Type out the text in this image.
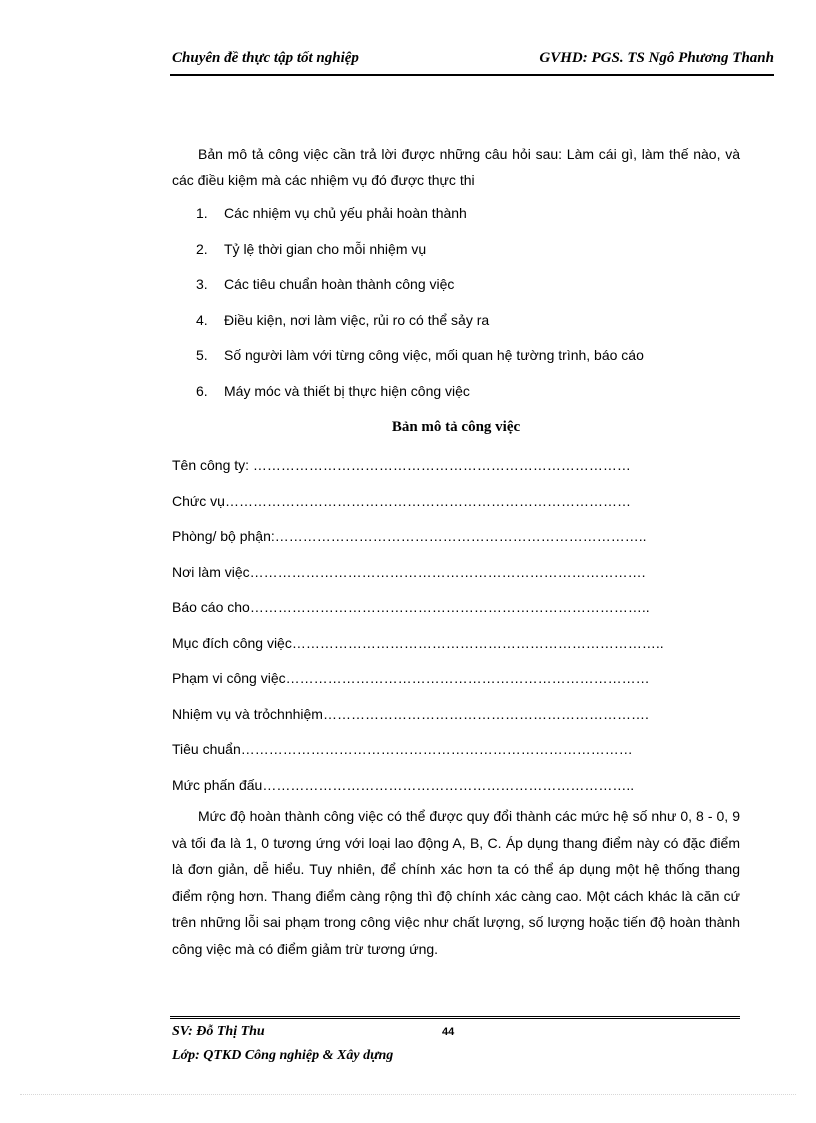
Chuyên đề thực tập tốt nghiệp	GVHD: PGS. TS Ngô Phương Thanh

Bản mô tả công việc cần trả lời được những câu hỏi sau: Làm cái gì, làm thế nào, và các điều kiệm mà các nhiệm vụ đó được thực thi

1. Các nhiệm vụ chủ yếu phải hoàn thành
2. Tỷ lệ thời gian cho mỗi nhiệm vụ
3. Các tiêu chuẩn hoàn thành công việc
4. Điều kiện, nơi làm việc, rủi ro có thể sảy ra
5. Số người làm với từng công việc, mối quan hệ tường trình, báo cáo
6. Máy móc và thiết bị thực hiện công việc
Bản mô tả công việc
Tên công ty: ………………………………………………………………………
Chức vụ……………………………………………………………………………
Phòng/ bộ phận:……………………………………………………………………..
Nơi làm việc………………………………………………………………………….
Báo cáo cho…………………………………………………………………………..
Mục đích công việc……………………………………………………………………..
Phạm vi công việc……………………………………………………………………
Nhiệm vụ và trỏchnhiệm…………………………………………………………….
Tiêu chuẩn…………………………………………………………………………
Mức phấn đấu……………………………………………………………………..

Mức độ hoàn thành công việc có thể được quy đổi thành các mức hệ số như 0, 8 - 0, 9 và tối đa là 1, 0 tương ứng với loại lao động A, B, C. Áp dụng thang điểm này có đặc điểm là đơn giản, dễ hiểu. Tuy nhiên, để chính xác hơn ta có thể áp dụng một hệ thống thang điểm rộng hơn. Thang điểm càng rộng thì độ chính xác càng cao. Một cách khác là căn cứ trên những lỗi sai phạm trong công việc như chất lượng, số lượng hoặc tiến độ hoàn thành công việc mà có điểm giảm trừ tương ứng.

SV: Đỗ Thị Thu
Lớp: QTKD Công nghiệp & Xây dựng
44
